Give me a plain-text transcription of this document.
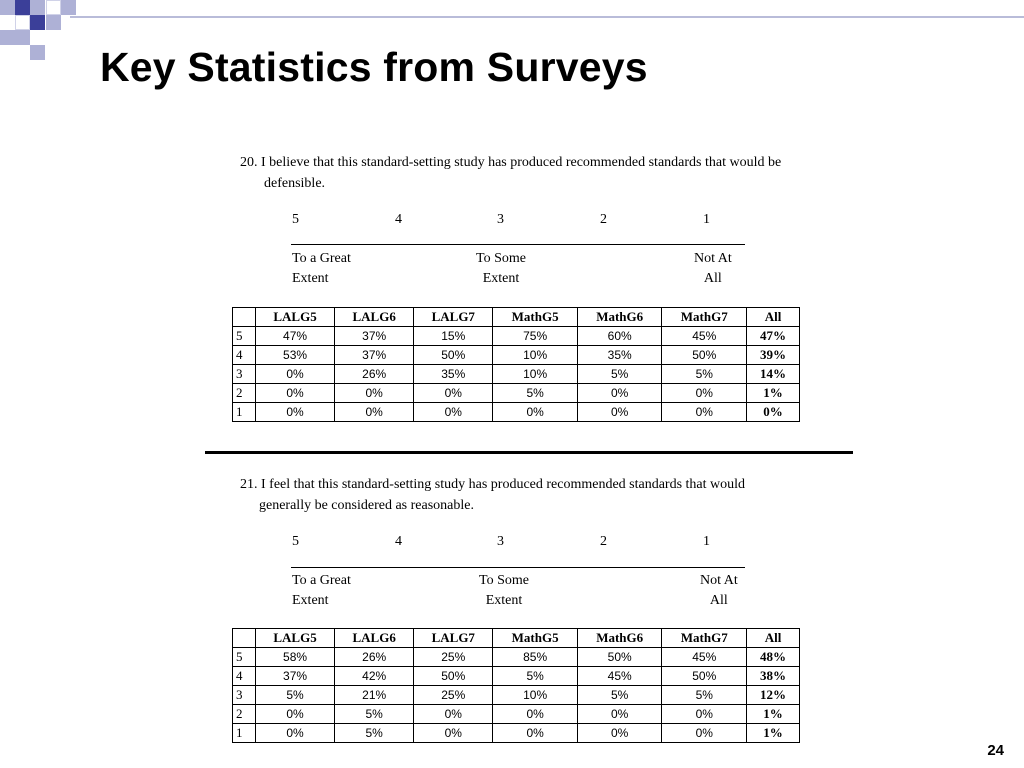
Key Statistics from Surveys

20. I believe that this standard-setting study has produced recommended standards that would be
defensible.

5	4	3	2	1
To a Great
Extent
To Some
Extent
Not At
All
	LALG5	LALG6	LALG7	MathG5	MathG6	MathG7	All
5	47%	37%	15%	75%	60%	45%	47%
4	53%	37%	50%	10%	35%	50%	39%
3	0%	26%	35%	10%	5%	5%	14%
2	0%	0%	0%	5%	0%	0%	1%
1	0%	0%	0%	0%	0%	0%	0%

21. I feel that this standard-setting study has produced recommended standards that would
generally be considered as reasonable.

5	4	3	2	1
To a Great
Extent
To Some
Extent
Not At
All
	LALG5	LALG6	LALG7	MathG5	MathG6	MathG7	All
5	58%	26%	25%	85%	50%	45%	48%
4	37%	42%	50%	5%	45%	50%	38%
3	5%	21%	25%	10%	5%	5%	12%
2	0%	5%	0%	0%	0%	0%	1%
1	0%	5%	0%	0%	0%	0%	1%
24
